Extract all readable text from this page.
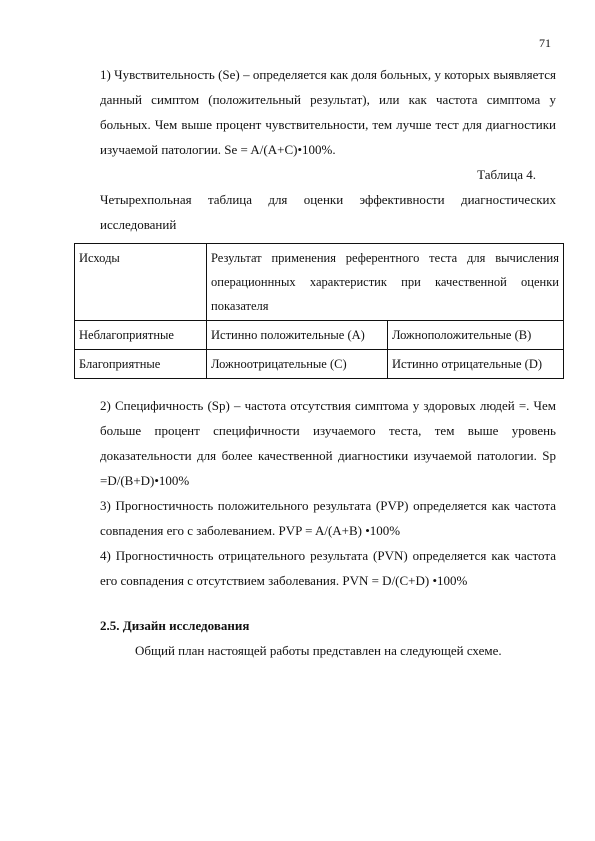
71

1) Чувствительность (Se) – определяется как доля больных, у которых выявляется данный симптом (положительный результат), или как частота симптома у больных. Чем выше процент чувствительности, тем лучше тест для диагностики изучаемой патологии. Se = A/(A+C)•100%.

Таблица 4.

Четырехпольная таблица для оценки эффективности диагностических исследований

Исходы	Результат применения референтного теста для вычисления операционнных характеристик при качественной оценки показателя	
Неблагоприятные	Истинно положительные (A)	Ложноположительные (B)
Благоприятные	Ложноотрицательные (C)	Истинно отрицательные (D)

2) Специфичность (Sp) – частота отсутствия симптома у здоровых людей =. Чем больше процент специфичности изучаемого теста, тем выше уровень доказательности для более качественной диагностики изучаемой патологии. Sp =D/(B+D)•100%

3) Прогностичность положительного результата (PVP) определяется как частота совпадения его с заболеванием. PVP = A/(A+B) •100%

4) Прогностичность отрицательного результата (PVN) определяется как частота его совпадения с отсутствием заболевания. PVN = D/(C+D) •100%

2.5. Дизайн исследования

Общий план настоящей работы представлен на следующей схеме.
